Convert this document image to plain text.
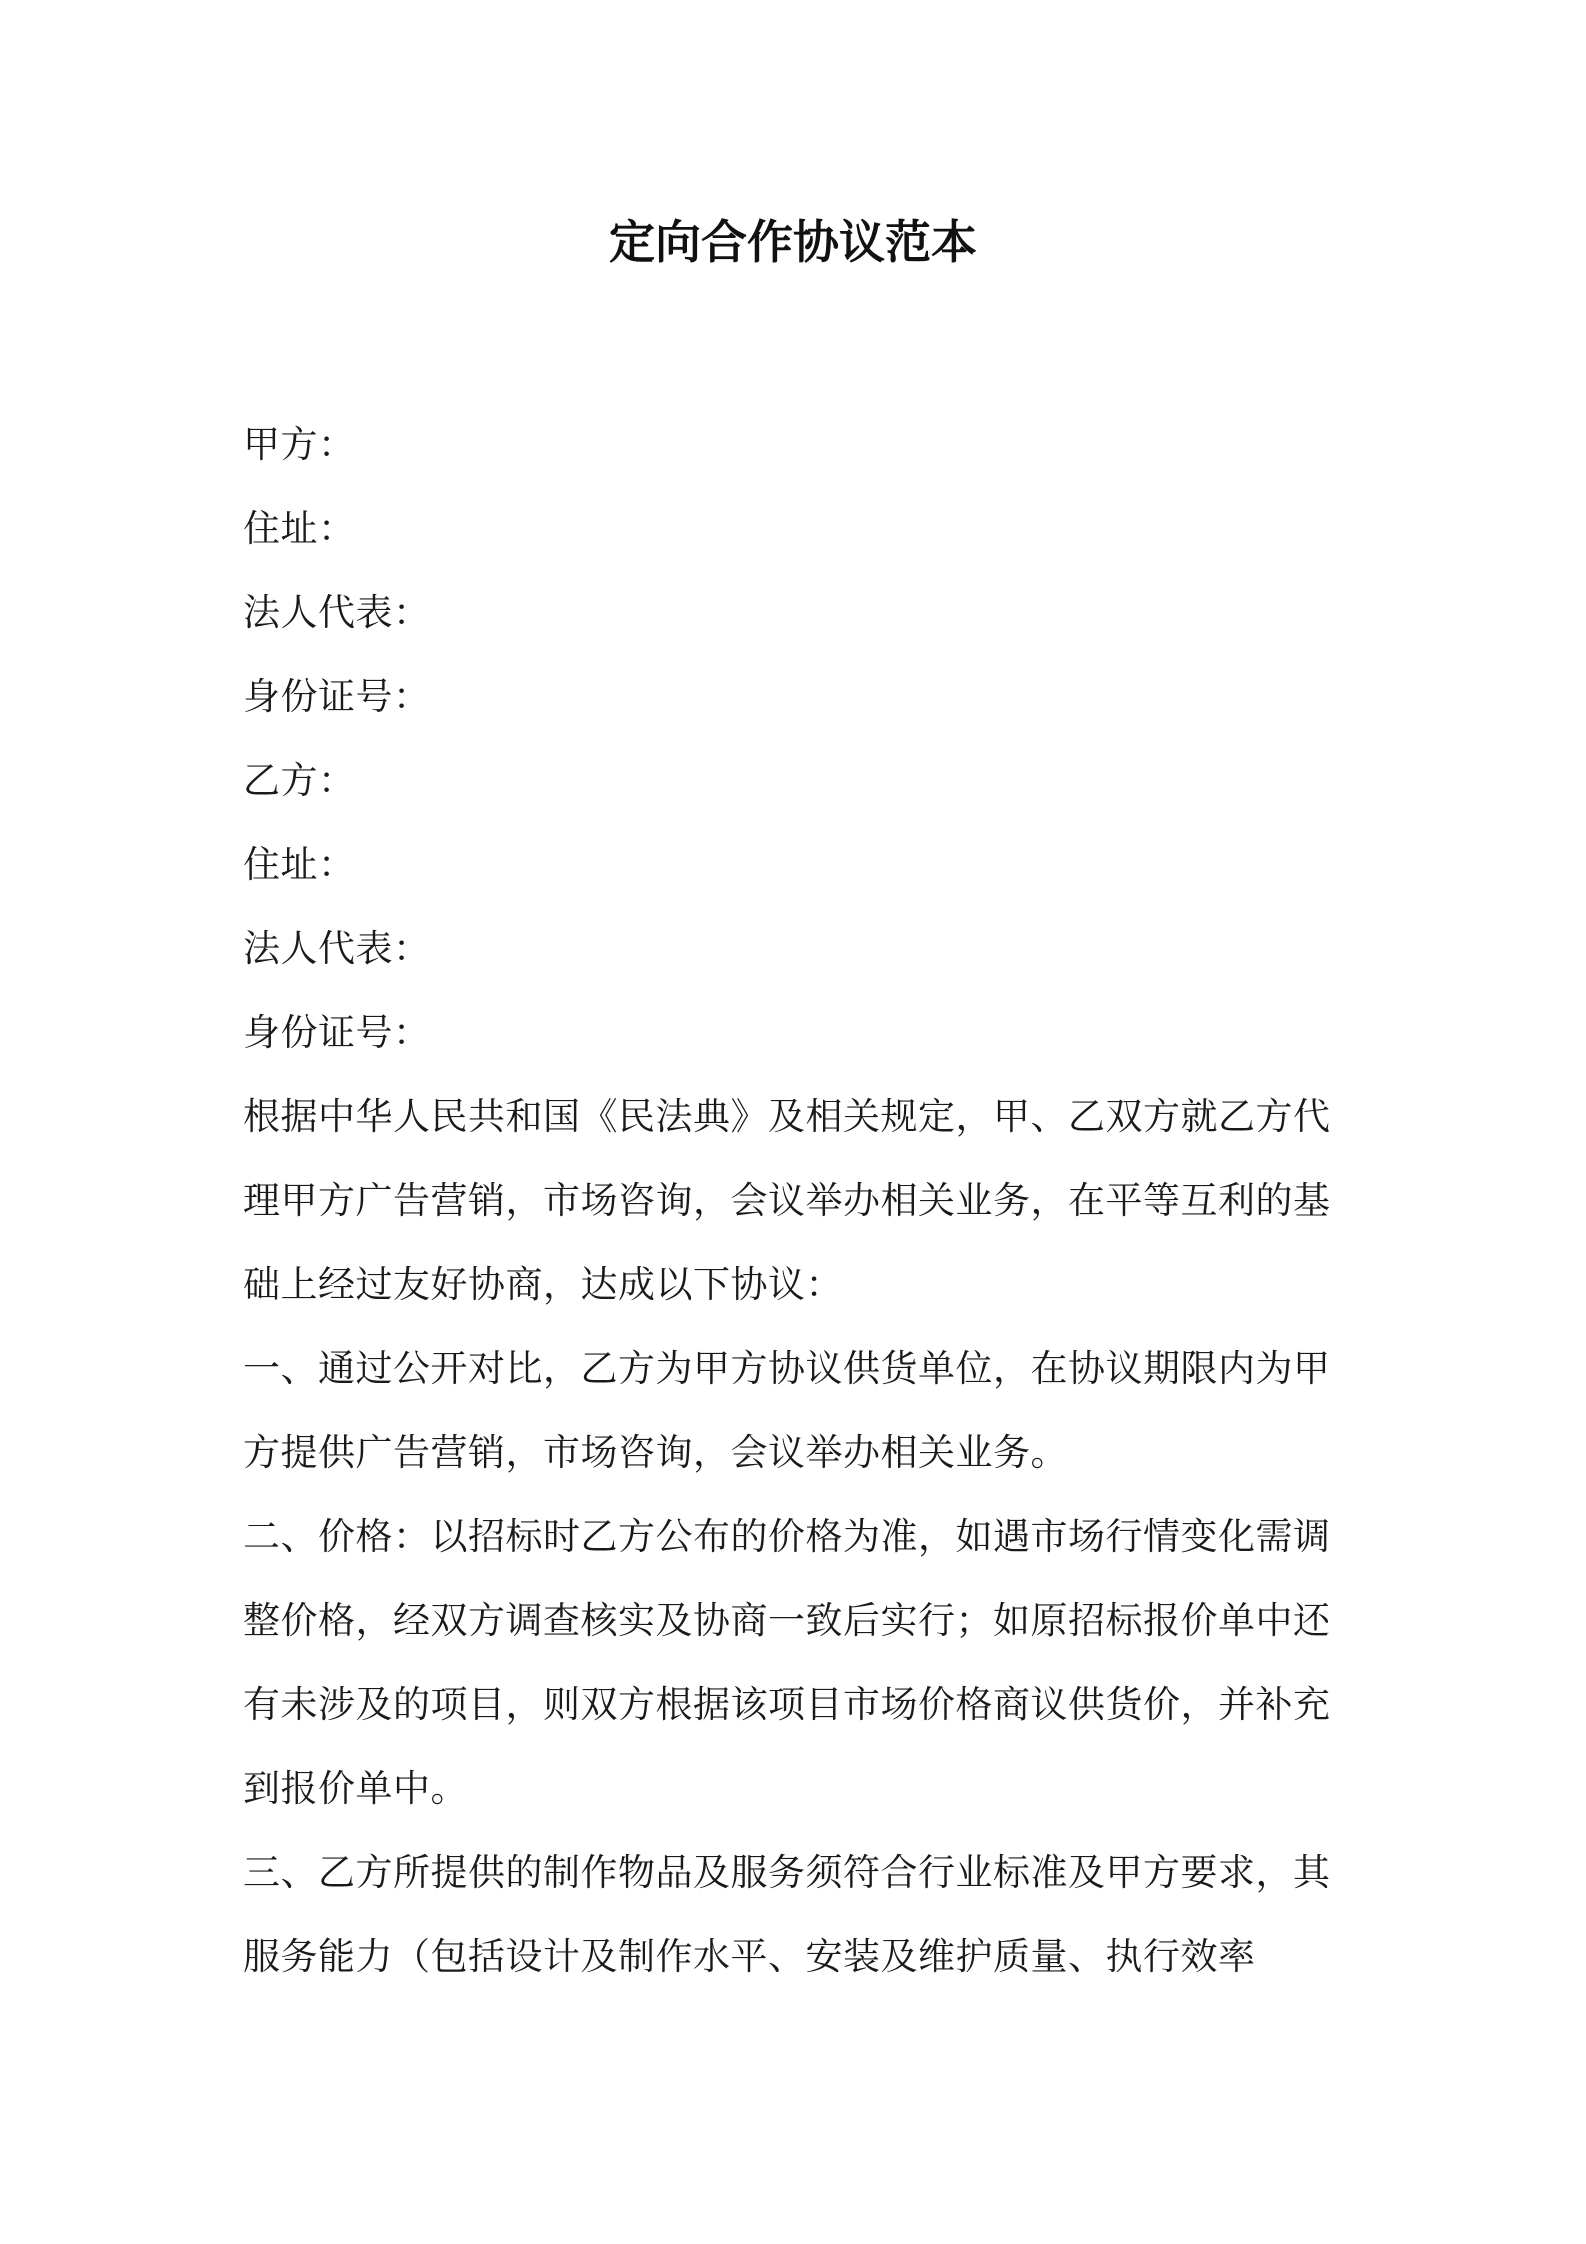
定向合作协议范本
甲方：
住址：
法人代表：
身份证号：
乙方：
住址：
法人代表：
身份证号：

根据中华人民共和国《民法典》及相关规定，甲、乙双方就乙方代理甲方广告营销，市场咨询，会议举办相关业务，在平等互利的基础上经过友好协商，达成以下协议：

一、通过公开对比，乙方为甲方协议供货单位，在协议期限内为甲方提供广告营销，市场咨询，会议举办相关业务。

二、价格：以招标时乙方公布的价格为准，如遇市场行情变化需调整价格，经双方调查核实及协商一致后实行；如原招标报价单中还有未涉及的项目，则双方根据该项目市场价格商议供货价，并补充到报价单中。

三、乙方所提供的制作物品及服务须符合行业标准及甲方要求，其服务能力（包括设计及制作水平、安装及维护质量、执行效率
